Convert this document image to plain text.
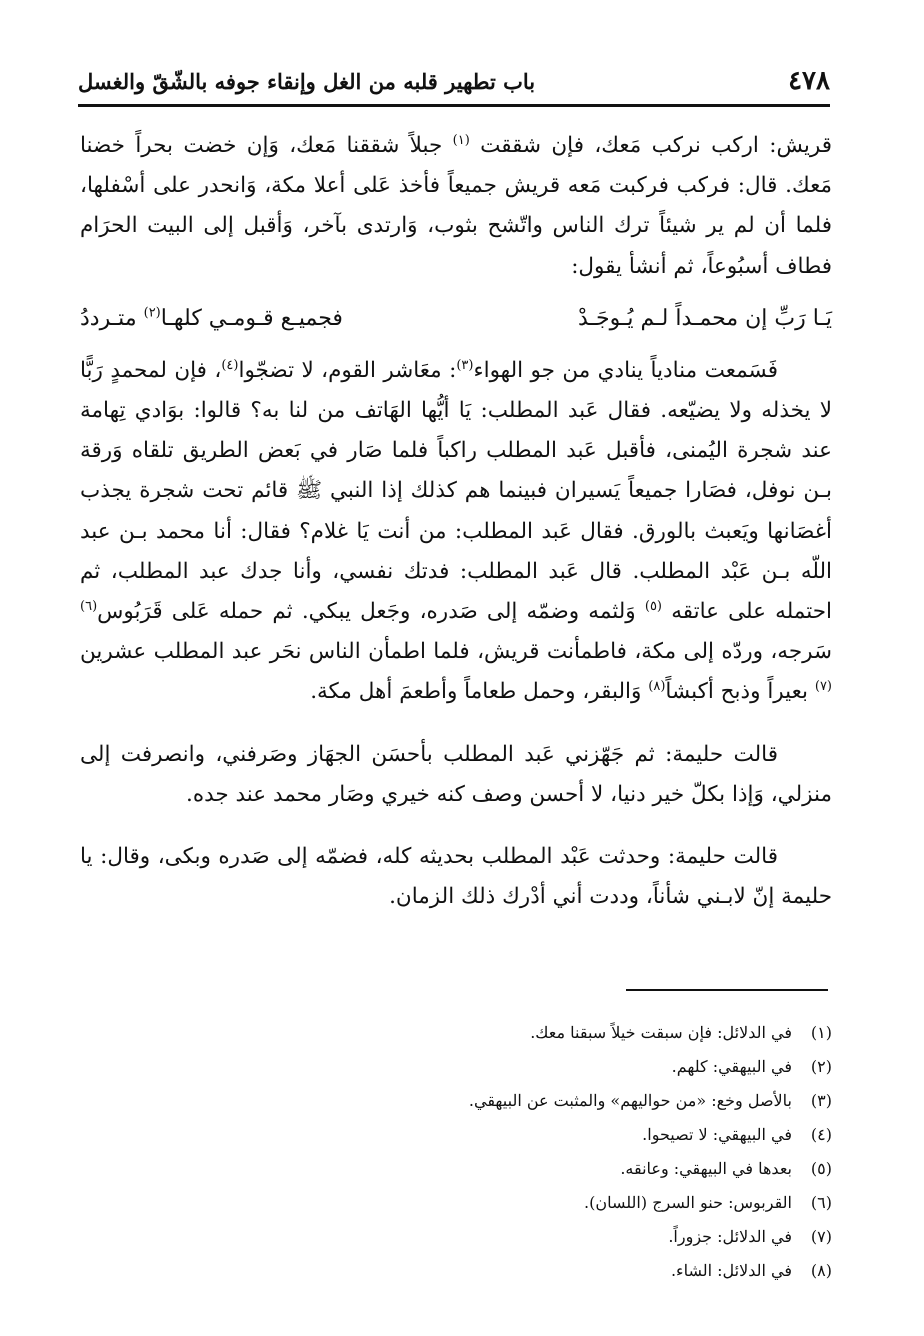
٤٧٨
باب تطهير قلبه من الغل وإنقاء جوفه بالشّقّ والغسل

قريش: اركب نركب مَعك، فإن شققت $^{(١)}$ جبلاً شققنا مَعك، وَإن خضت بحراً خضنا مَعك. قال: فركب فركبت مَعه قريش جميعاً فأخذ عَلى أعلا مكة، وَانحدر على أسْفلها، فلما أن لم ير شيئاً ترك الناس واتّشح بثوب، وَارتدى بآخر، وَأقبل إلى البيت الحرَام فطاف أسبُوعاً، ثم أنشأ يقول:

يَـا رَبِّ إن محمـداً لـم يُـوجَـدْ
فجميـع قـومـي كلهـا$^{(٢)}$ متـرددُ

فَسَمعت منادياً ينادي من جو الهواء$^{(٣)}$: معَاشر القوم، لا تضجّوا$^{(٤)}$، فإن لمحمدٍ رَبًّا لا يخذله ولا يضيّعه. فقال عَبد المطلب: يَا أيُّها الهَاتف من لنا به؟ قالوا: بوَادي تِهامة عند شجرة اليُمنى، فأقبل عَبد المطلب راكباً فلما صَار في بَعض الطريق تلقاه وَرقة بـن نوفل، فصَارا جميعاً يَسيران فبينما هم كذلك إذا النبي ﷺ قائم تحت شجرة يجذب أغصَانها ويَعبث بالورق. فقال عَبد المطلب: من أنت يَا غلام؟ فقال: أنا محمد بـن عبد اللّه بـن عَبْد المطلب. قال عَبد المطلب: فدتك نفسي، وأنا جدك عبد المطلب، ثم احتمله على عاتقه $^{(٥)}$ وَلثمه وضمّه إلى صَدره، وجَعل يبكي. ثم حمله عَلى قَرَبُوس$^{(٦)}$ سَرجه، وردّه إلى مكة، فاطمأنت قريش، فلما اطمأن الناس نحَر عبد المطلب عشرين $^{(٧)}$ بعيراً وذبح أكبشاً$^{(٨)}$ وَالبقر، وحمل طعاماً وأطعمَ أهل مكة.

قالت حليمة: ثم جَهّزني عَبد المطلب بأحسَن الجهَاز وصَرفني، وانصرفت إلى منزلي، وَإذا بكلّ خير دنيا، لا أحسن وصف كنه خيري وصَار محمد عند جده.

قالت حليمة: وحدثت عَبْد المطلب بحديثه كله، فضمّه إلى صَدره وبكى، وقال: يا حليمة إنّ لابـني شأناً، وددت أني أدْرك ذلك الزمان.

(١)
في الدلائل: فإن سبقت خيلاً سبقنا معك.
(٢)
في البيهقي: كلهم.
(٣)
بالأصل وخع: «من حواليهم» والمثبت عن البيهقي.
(٤)
في البيهقي: لا تصيحوا.
(٥)
بعدها في البيهقي: وعانقه.
(٦)
القربوس: حنو السرج (اللسان).
(٧)
في الدلائل: جزوراً.
(٨)
في الدلائل: الشاء.
